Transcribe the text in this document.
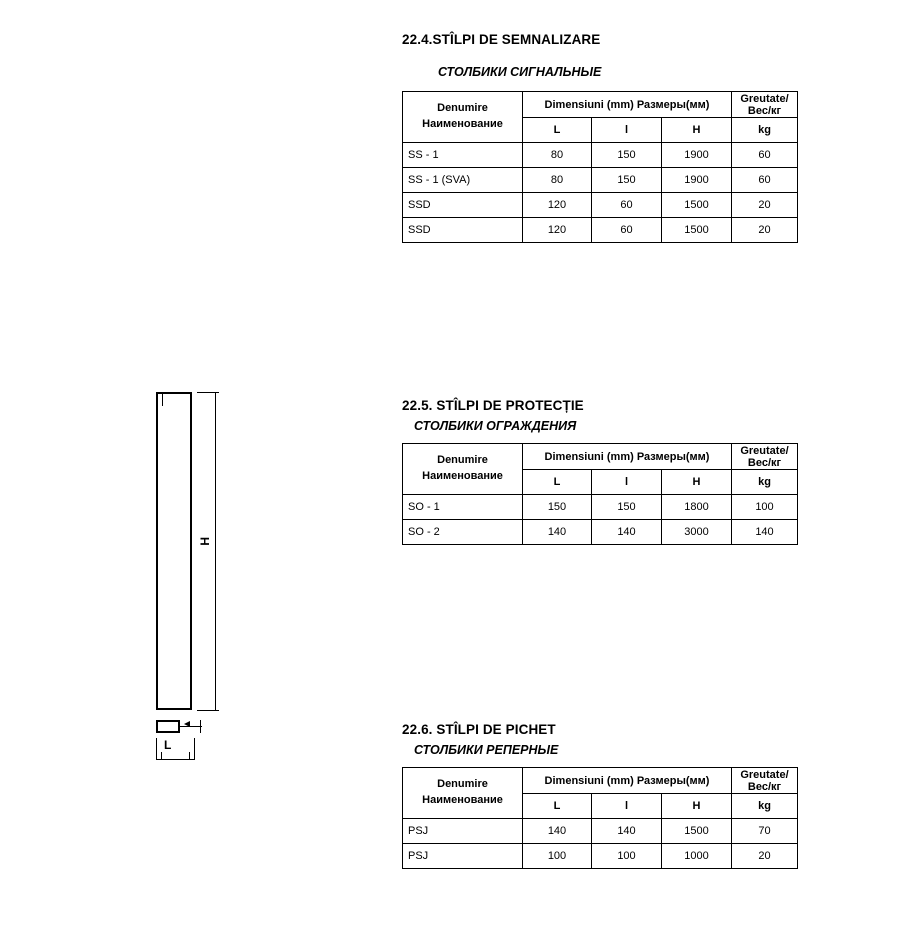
22.4.STÎLPI DE SEMNALIZARE

СТОЛБИКИ СИГНАЛЬНЫЕ

Denumire
Наименование
	Dimensiuni (mm) Размеры(мм)	Greutate/
Вес/кг

	L	l	H	kg
SS - 1	80	150	1900	60
SS - 1 (SVA)	80	150	1900	60
SSD	120	60	1500	20
SSD	120	60	1500	20

22.5. STÎLPI DE PROTECȚIE

СТОЛБИКИ ОГРАЖДЕНИЯ

Denumire
Наименование
	Dimensiuni (mm) Размеры(мм)	Greutate/
Вес/кг

	L	l	H	kg
SO - 1	150	150	1800	100
SO - 2	140	140	3000	140

22.6. STÎLPI DE PICHET

СТОЛБИКИ РЕПЕРНЫЕ

Denumire
Наименование
	Dimensiuni (mm) Размеры(мм)	Greutate/
Вес/кг

	L	l	H	kg
PSJ	140	140	1500	70
PSJ	100	100	1000	20
H
L
